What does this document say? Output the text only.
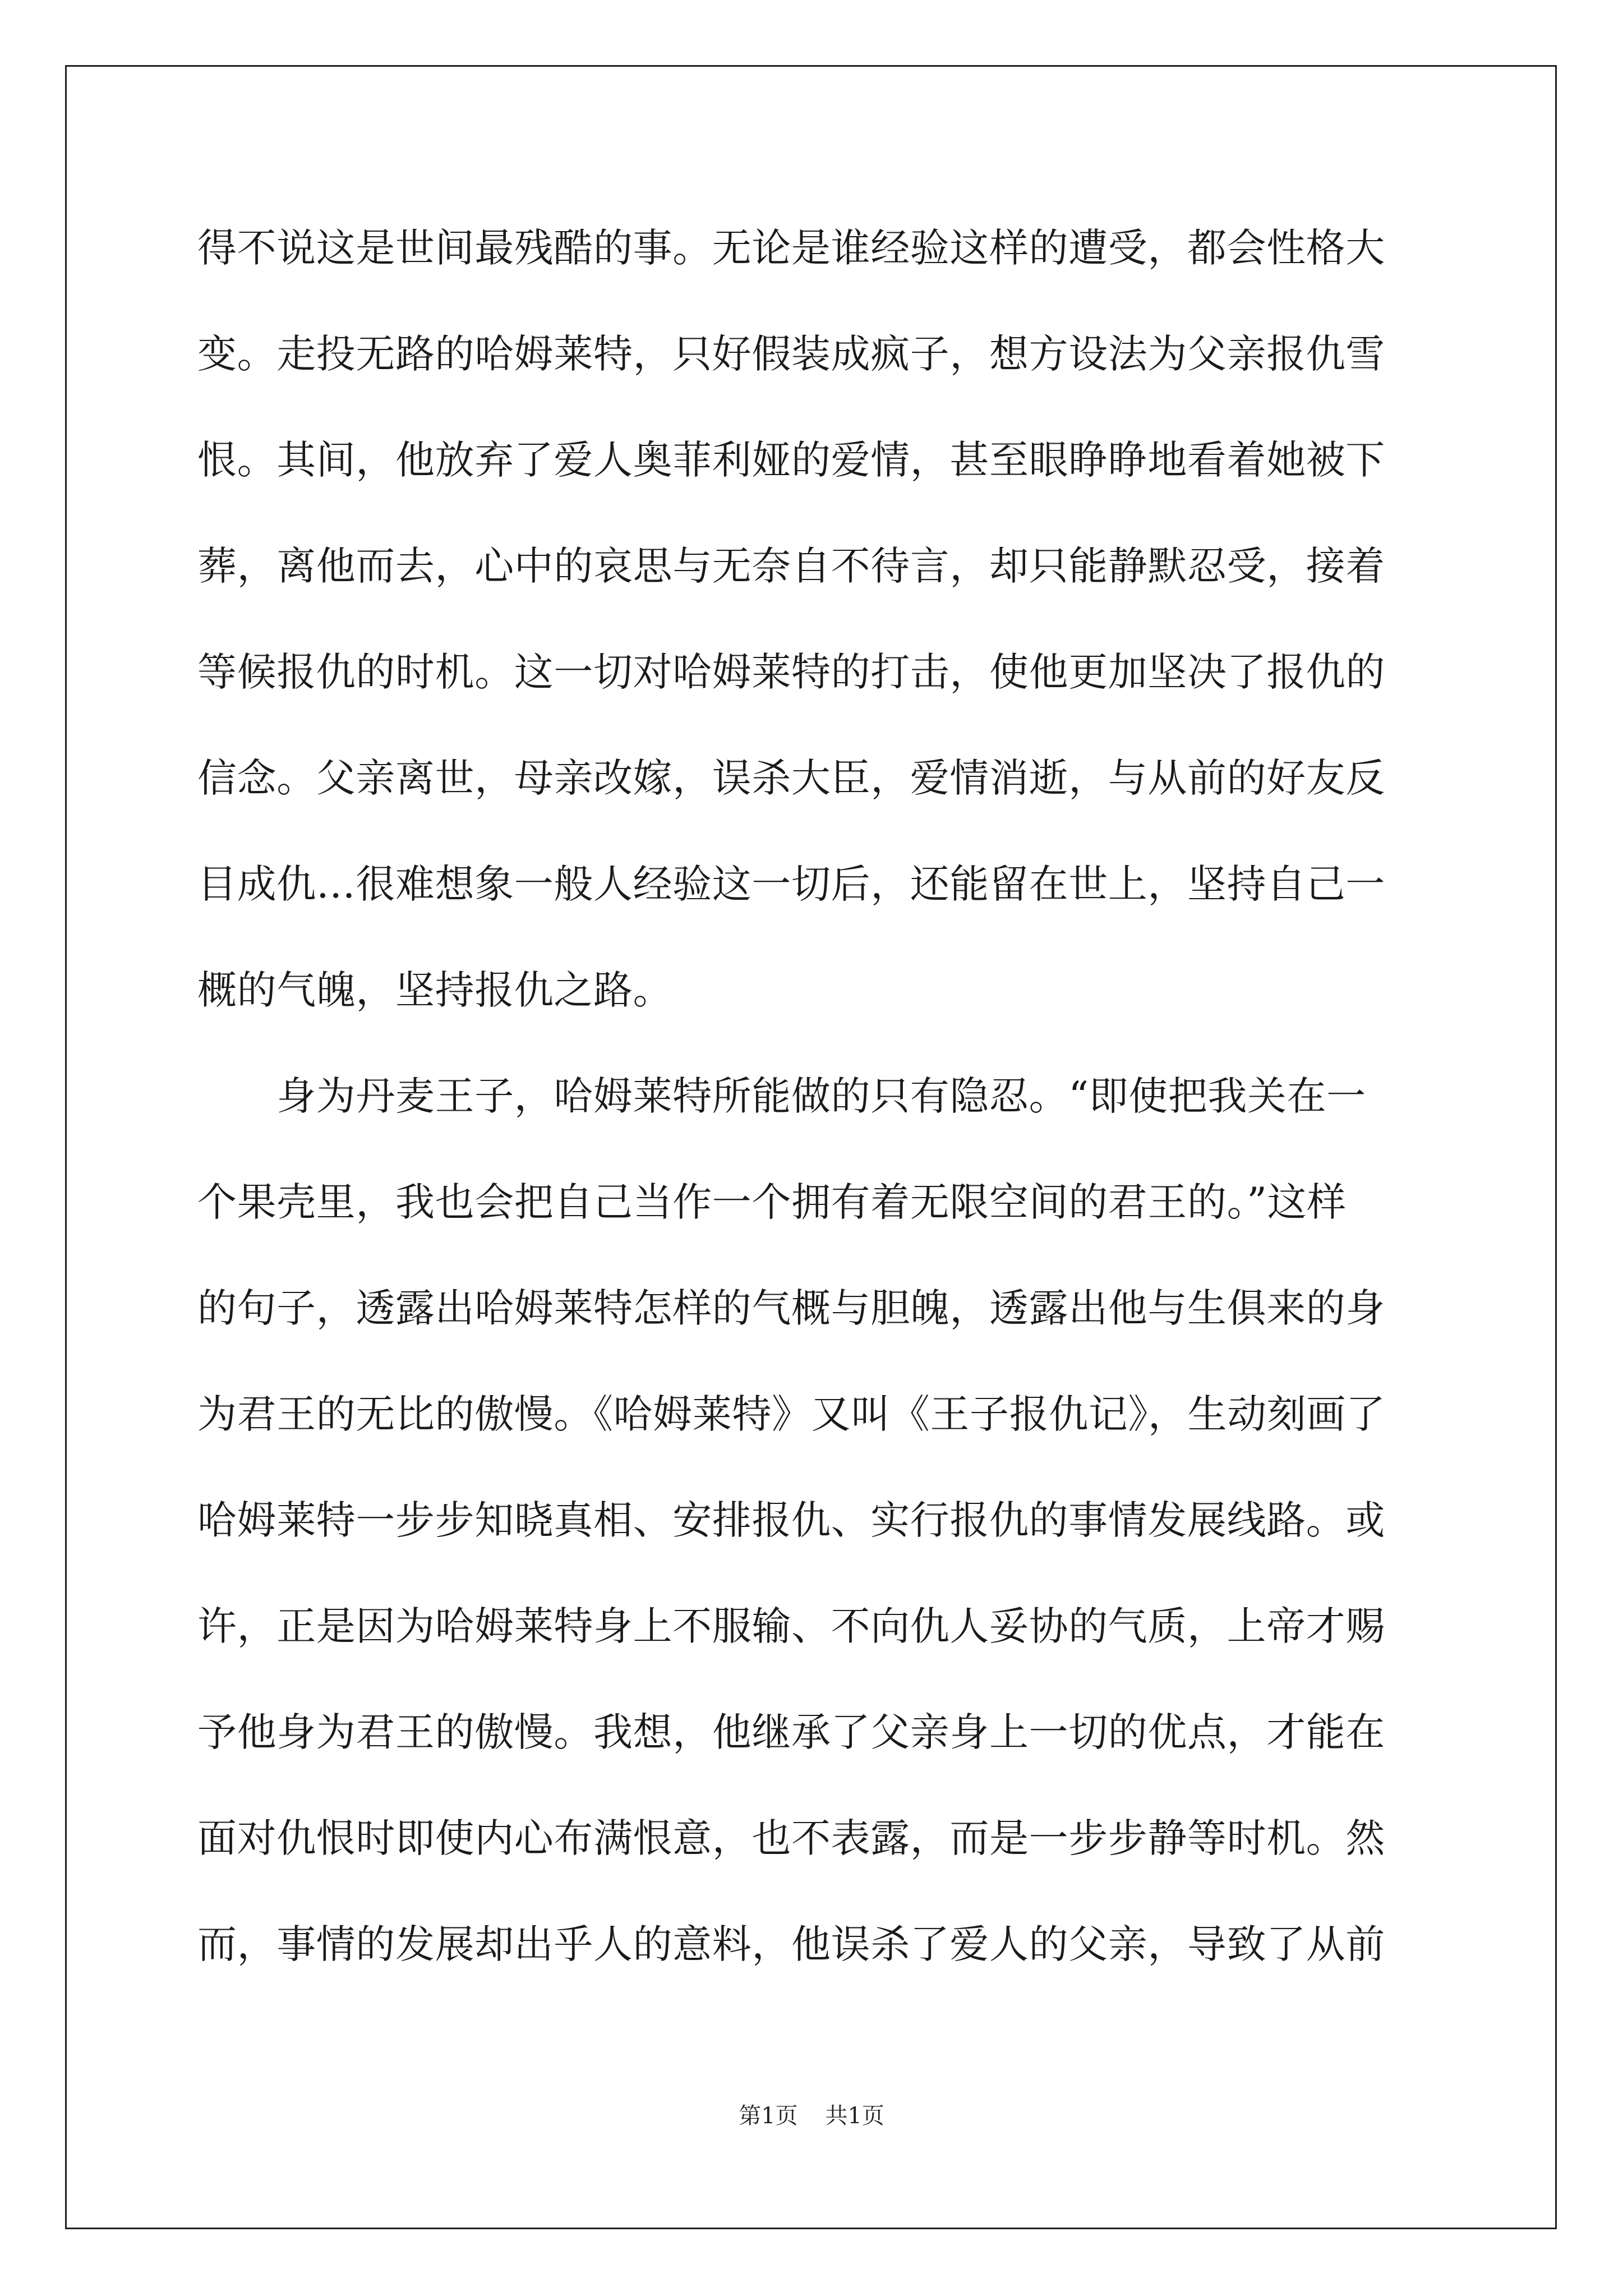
得不说这是世间最残酷的事。无论是谁经验这样的遭受，都会性格大
变。走投无路的哈姆莱特，只好假装成疯子，想方设法为父亲报仇雪
恨。其间，他放弃了爱人奥菲利娅的爱情，甚至眼睁睁地看着她被下
葬，离他而去，心中的哀思与无奈自不待言，却只能静默忍受，接着
等候报仇的时机。这一切对哈姆莱特的打击，使他更加坚决了报仇的
信念。父亲离世，母亲改嫁，误杀大臣，爱情消逝，与从前的好友反
目成仇…很难想象一般人经验这一切后，还能留在世上，坚持自己一
概的气魄，坚持报仇之路。
　　身为丹麦王子，哈姆莱特所能做的只有隐忍。“即使把我关在一
个果壳里，我也会把自己当作一个拥有着无限空间的君王的。”这样
的句子，透露出哈姆莱特怎样的气概与胆魄，透露出他与生俱来的身
为君王的无比的傲慢。《哈姆莱特》又叫《王子报仇记》，生动刻画了
哈姆莱特一步步知晓真相、安排报仇、实行报仇的事情发展线路。或
许，正是因为哈姆莱特身上不服输、不向仇人妥协的气质，上帝才赐
予他身为君王的傲慢。我想，他继承了父亲身上一切的优点，才能在
面对仇恨时即使内心布满恨意，也不表露，而是一步步静等时机。然
而，事情的发展却出乎人的意料，他误杀了爱人的父亲，导致了从前
第1页 共1页
